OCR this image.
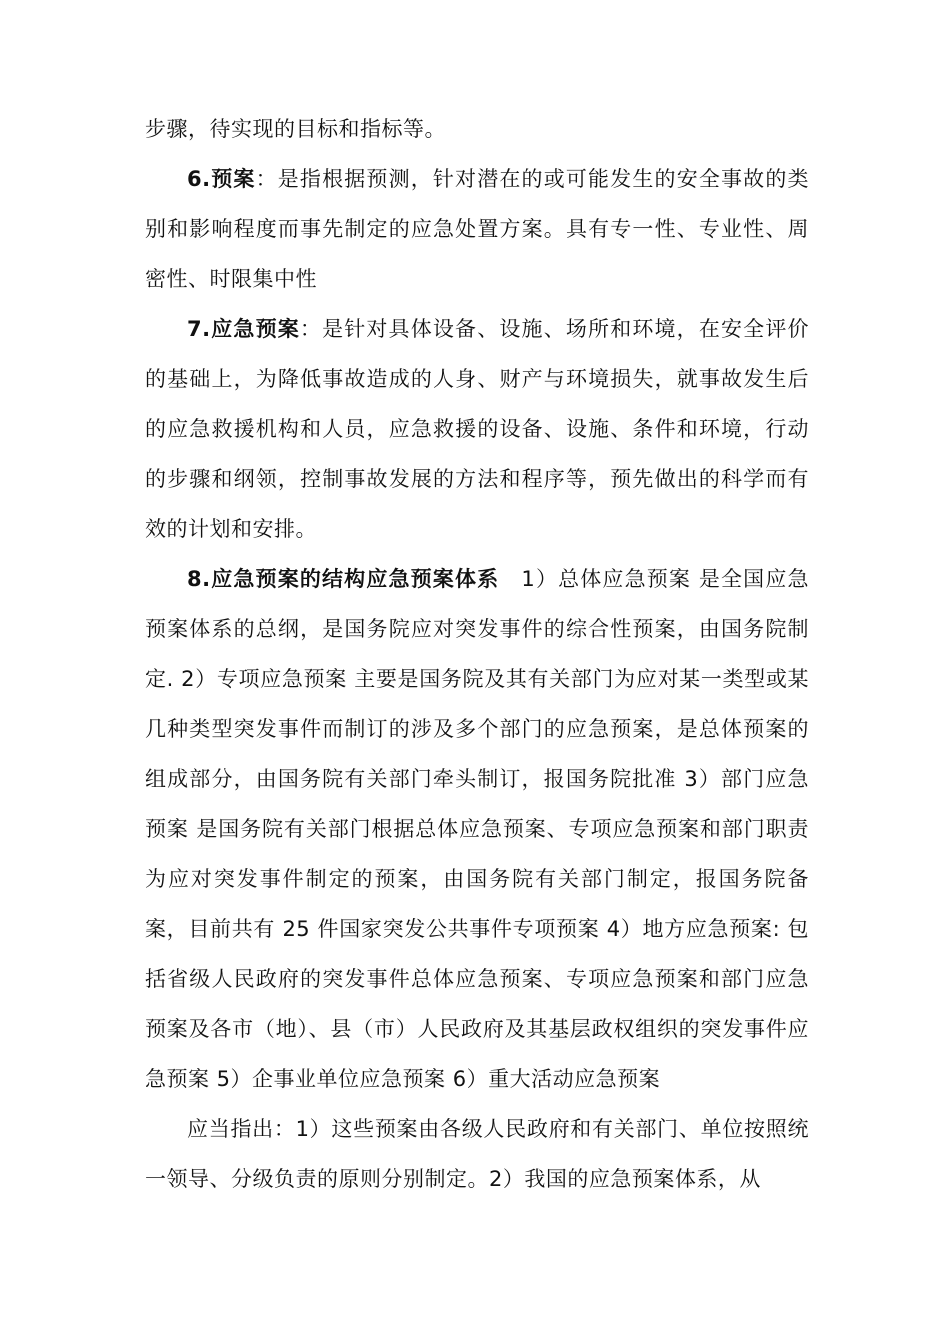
步骤，待实现的目标和指标等。

6.预案：是指根据预测，针对潜在的或可能发生的安全事故的类别和影响程度而事先制定的应急处置方案。具有专一性、专业性、周密性、时限集中性

7.应急预案：是针对具体设备、设施、场所和环境，在安全评价的基础上，为降低事故造成的人身、财产与环境损失，就事故发生后的应急救援机构和人员，应急救援的设备、设施、条件和环境，行动的步骤和纲领，控制事故发展的方法和程序等，预先做出的科学而有效的计划和安排。

8.应急预案的结构应急预案体系　1）总体应急预案 是全国应急预案体系的总纲，是国务院应对突发事件的综合性预案，由国务院制定. 2）专项应急预案 主要是国务院及其有关部门为应对某一类型或某几种类型突发事件而制订的涉及多个部门的应急预案，是总体预案的组成部分，由国务院有关部门牵头制订，报国务院批准 3）部门应急预案 是国务院有关部门根据总体应急预案、专项应急预案和部门职责为应对突发事件制定的预案，由国务院有关部门制定，报国务院备案，目前共有 25 件国家突发公共事件专项预案 4）地方应急预案: 包括省级人民政府的突发事件总体应急预案、专项应急预案和部门应急预案及各市（地）、县（市）人民政府及其基层政权组织的突发事件应急预案 5）企事业单位应急预案 6）重大活动应急预案

应当指出：1）这些预案由各级人民政府和有关部门、单位按照统一领导、分级负责的原则分别制定。2）我国的应急预案体系，从
